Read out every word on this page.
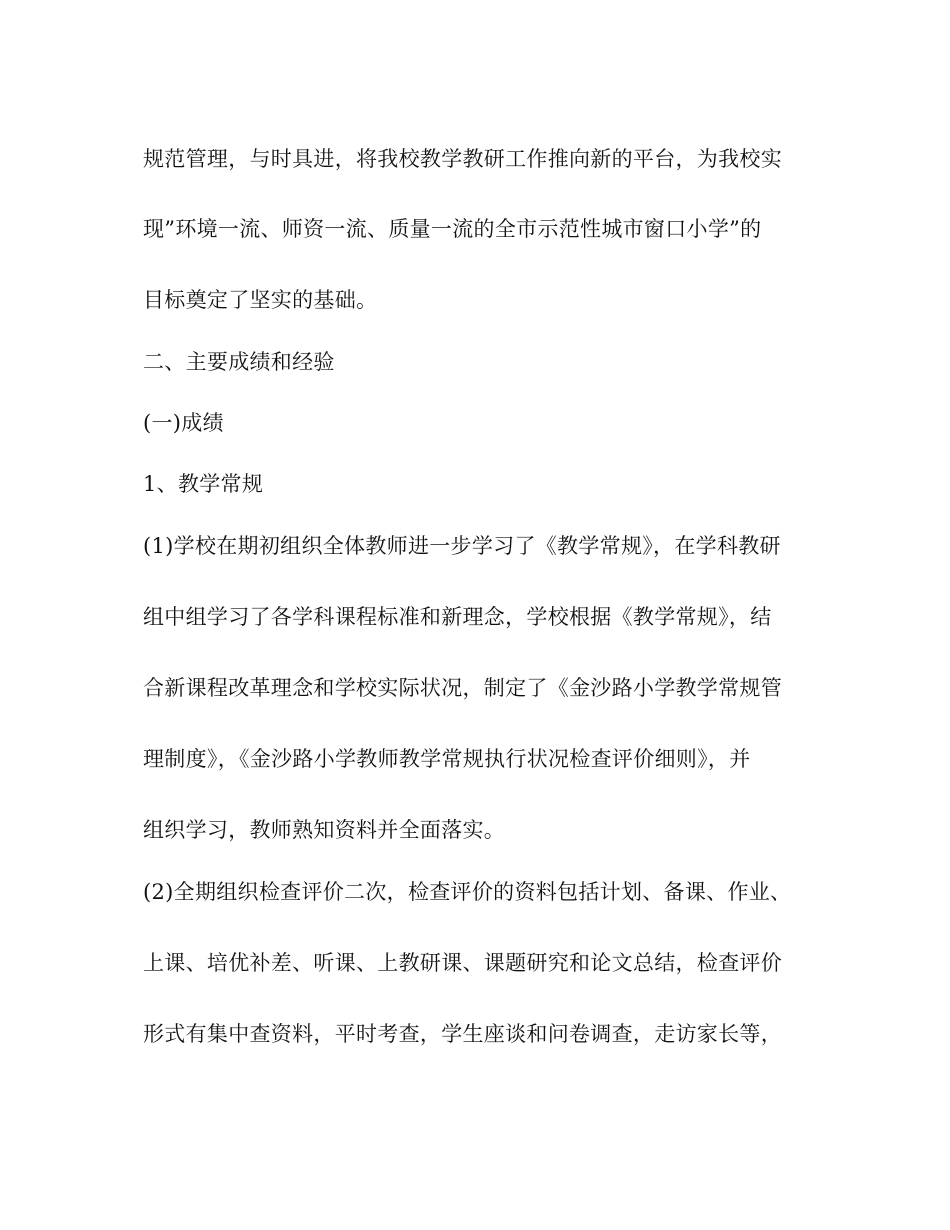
规范管理，与时具进，将我校教学教研工作推向新的平台，为我校实
现”环境一流、师资一流、质量一流的全市示范性城市窗口小学”的
目标奠定了坚实的基础。
二、主要成绩和经验
(一)成绩
1、教学常规
(1)学校在期初组织全体教师进一步学习了《教学常规》，在学科教研
组中组学习了各学科课程标准和新理念，学校根据《教学常规》，结
合新课程改革理念和学校实际状况，制定了《金沙路小学教学常规管
理制度》，《金沙路小学教师教学常规执行状况检查评价细则》，并
组织学习，教师熟知资料并全面落实。
(2)全期组织检查评价二次，检查评价的资料包括计划、备课、作业、
上课、培优补差、听课、上教研课、课题研究和论文总结，检查评价
形式有集中查资料，平时考查，学生座谈和问卷调查，走访家长等，
